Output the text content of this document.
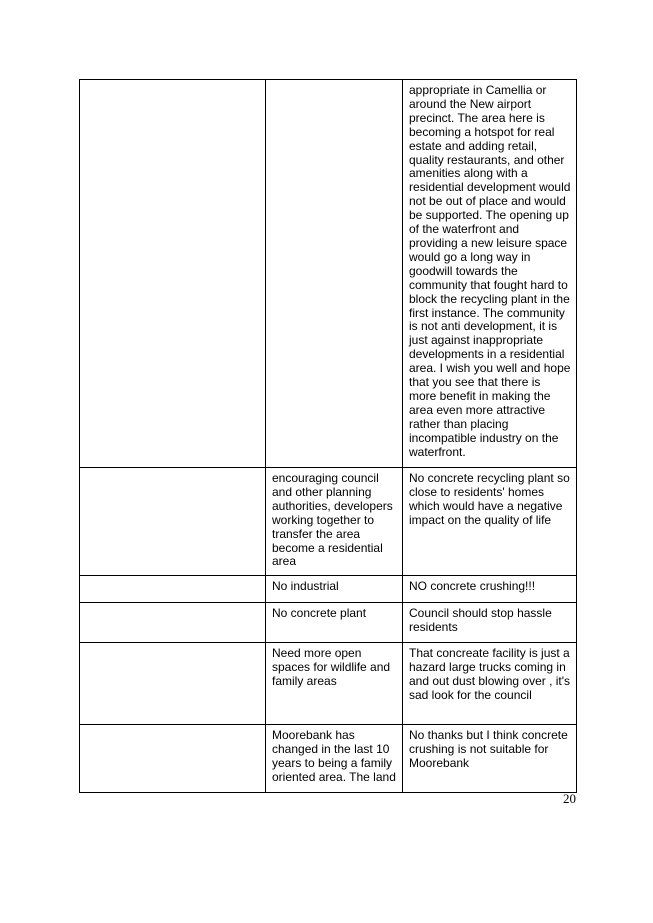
		appropriate in Camellia or around the New airport precinct. The area here is becoming a hotspot for real estate and adding retail, quality restaurants, and other amenities along with a residential development would not be out of place and would be supported. The opening up of the waterfront and providing a new leisure space would go a long way in goodwill towards the community that fought hard to block the recycling plant in the first instance. The community is not anti development, it is just against inappropriate developments in a residential area. I wish you well and hope that you see that there is more benefit in making the area even more attractive rather than placing incompatible industry on the waterfront.
	encouraging council and other planning authorities, developers working together to transfer the area become a residential area	No concrete recycling plant so close to residents' homes which would have a negative impact on the quality of life
	No industrial	NO concrete crushing!!!
	No concrete plant	Council should stop hassle residents
	Need more open spaces for wildlife and family areas	That concreate facility is just a hazard large trucks coming in and out dust blowing over , it's sad look for the council
	Moorebank has changed in the last 10 years to being a family oriented area. The land	No thanks but I think concrete crushing is not suitable for Moorebank
20
